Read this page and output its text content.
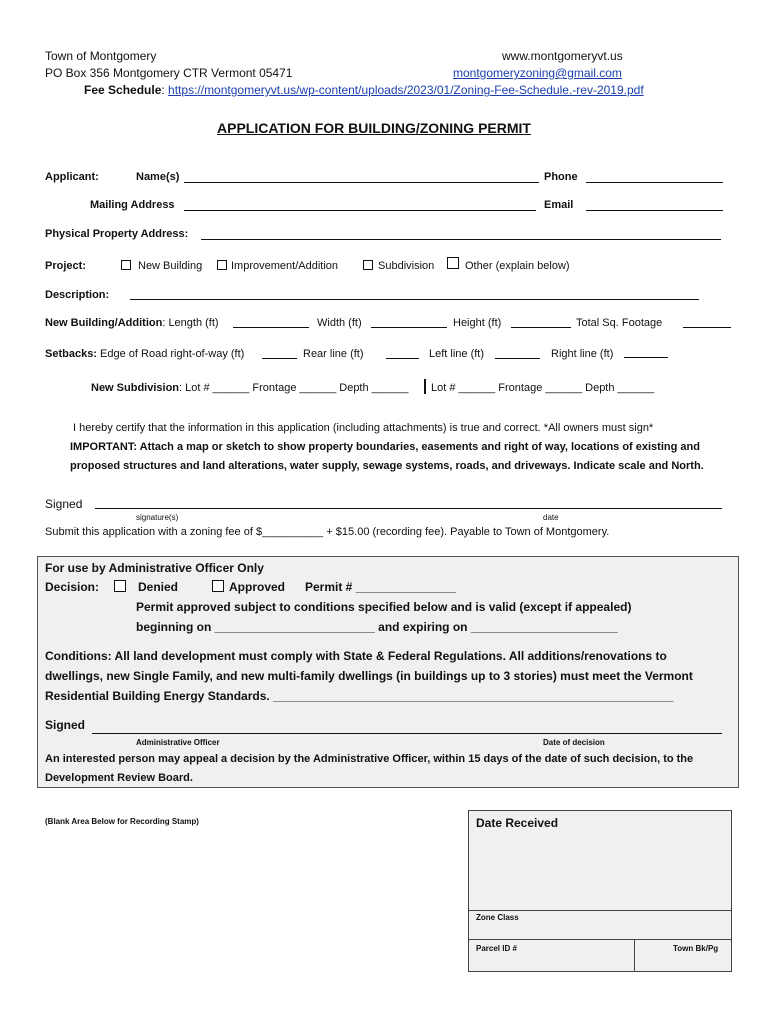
Town of Montgomery	www.montgomeryvt.us
PO Box 356 Montgomery CTR Vermont 05471	montgomeryzoning@gmail.com
Fee Schedule: https://montgomeryvt.us/wp-content/uploads/2023/01/Zoning-Fee-Schedule.-rev-2019.pdf
APPLICATION FOR BUILDING/ZONING PERMIT
Applicant:	Name(s)	Phone
Mailing Address	Email
Physical Property Address:
Project:	New Building	Improvement/Addition	Subdivision	Other (explain below)
Description:
New Building/Addition: Length (ft)	Width (ft)	Height (ft)	Total Sq. Footage
Setbacks: Edge of Road right-of-way (ft)	Rear line (ft)	Left line (ft)	Right line (ft)
New Subdivision: Lot # ______ Frontage ______ Depth ______ Lot # ______ Frontage ______ Depth ______
I hereby certify that the information in this application (including attachments) is true and correct. *All owners must sign*
IMPORTANT: Attach a map or sketch to show property boundaries, easements and right of way, locations of existing and
proposed structures and land alterations, water supply, sewage systems, roads, and driveways. Indicate scale and North.
Signed
signature(s)	date
Submit this application with a zoning fee of $__________ + $15.00 (recording fee). Payable to Town of Montgomery.
For use by Administrative Officer Only
Decision:	Denied	Approved Permit # _______________
Permit approved subject to conditions specified below and is valid (except if appealed)
beginning on ________________________ and expiring on ______________________
Conditions: All land development must comply with State & Federal Regulations. All additions/renovations to
dwellings, new Single Family, and new multi-family dwellings (in buildings up to 3 stories) must meet the Vermont
Residential Building Energy Standards. ____________________________________________________________
Signed
Administrative Officer	Date of decision
An interested person may appeal a decision by the Administrative Officer, within 15 days of the date of such decision, to the
Development Review Board.
(Blank Area Below for Recording Stamp)	Date Received
Zone Class
Parcel ID #	Town Bk/Pg
